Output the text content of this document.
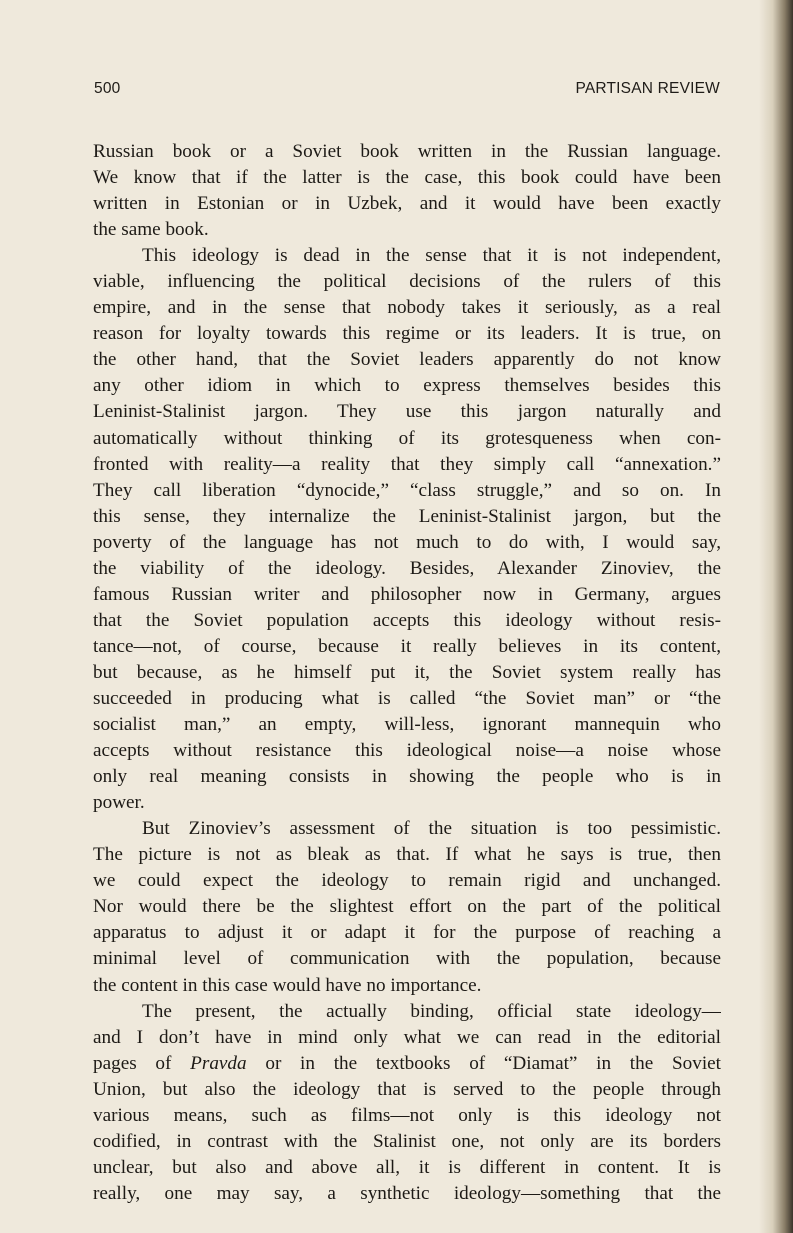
500	PARTISAN REVIEW
Russian book or a Soviet book written in the Russian language.
We know that if the latter is the case, this book could have been
written in Estonian or in Uzbek, and it would have been exactly
the same book.
This ideology is dead in the sense that it is not independent,
viable, influencing the political decisions of the rulers of this
empire, and in the sense that nobody takes it seriously, as a real
reason for loyalty towards this regime or its leaders. It is true, on
the other hand, that the Soviet leaders apparently do not know
any other idiom in which to express themselves besides this
Leninist-Stalinist jargon. They use this jargon naturally and
automatically without thinking of its grotesqueness when con-
fronted with reality—a reality that they simply call “annexation.”
They call liberation “dynocide,” “class struggle,” and so on. In
this sense, they internalize the Leninist-Stalinist jargon, but the
poverty of the language has not much to do with, I would say,
the viability of the ideology. Besides, Alexander Zinoviev, the
famous Russian writer and philosopher now in Germany, argues
that the Soviet population accepts this ideology without resis-
tance—not, of course, because it really believes in its content,
but because, as he himself put it, the Soviet system really has
succeeded in producing what is called “the Soviet man” or “the
socialist man,” an empty, will-less, ignorant mannequin who
accepts without resistance this ideological noise—a noise whose
only real meaning consists in showing the people who is in
power.
But Zinoviev’s assessment of the situation is too pessimistic.
The picture is not as bleak as that. If what he says is true, then
we could expect the ideology to remain rigid and unchanged.
Nor would there be the slightest effort on the part of the political
apparatus to adjust it or adapt it for the purpose of reaching a
minimal level of communication with the population, because
the content in this case would have no importance.
The present, the actually binding, official state ideology—
and I don’t have in mind only what we can read in the editorial
pages of Pravda or in the textbooks of “Diamat” in the Soviet
Union, but also the ideology that is served to the people through
various means, such as films—not only is this ideology not
codified, in contrast with the Stalinist one, not only are its borders
unclear, but also and above all, it is different in content. It is
really, one may say, a synthetic ideology—something that the
